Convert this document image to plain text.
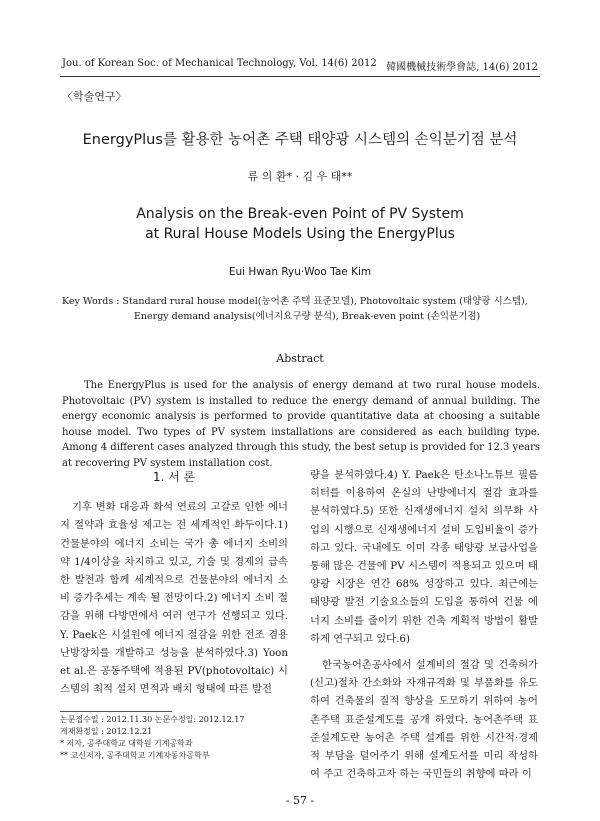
Jou. of Korean Soc. of Mechanical Technology, Vol. 14(6) 2012 韓國機械技術學會誌, 14(6) 2012
〈학술연구〉
EnergyPlus를 활용한 농어촌 주택 태양광 시스템의 손익분기점 분석
류 의 환* · 김 우 태**
Analysis on the Break-even Point of PV System
at Rural House Models Using the EnergyPlus
Eui Hwan Ryu·Woo Tae Kim
Key Words : Standard rural house model(농어촌 주택 표준모델), Photovoltaic system (태양광 시스템),
Energy demand analysis(에너지요구량 분석), Break-even point (손익분기점)
Abstract
The EnergyPlus is used for the analysis of energy demand at two rural house models. Photovoltaic (PV) system is installed to reduce the energy demand of annual building. The energy economic analysis is performed to provide quantitative data at choosing a suitable house model. Two types of PV system installations are considered as each building type. Among 4 different cases analyzed through this study, the best setup is provided for 12.3 years at recovering PV system installation cost.
1. 서 론

기후 변화 대응과 화석 연료의 고갈로 인한 에너지 절약과 효율성 제고는 전 세계적인 화두이다.1) 건물분야의 에너지 소비는 국가 총 에너지 소비의 약 1/4이상을 차지하고 있고, 기술 및 경제의 급속한 발전과 함께 세계적으로 건물분야의 에너지 소비 증가추세는 계속 될 전망이다.2) 에너지 소비 절감을 위해 다방면에서 여러 연구가 선행되고 있다. Y. Paek은 시설원에 에너지 절감을 위한 전조 겸용 난방장치를 개발하고 성능을 분석하였다.3) Yoon et al.은 공동주택에 적용된 PV(photovoltaic) 시스템의 최적 설치 면적과 배치 형태에 따른 발전

량을 분석하였다.4) Y. Paek은 탄소나노튜브 필름 히터를 이용하여 온실의 난방에너지 절감 효과를 분석하였다.5) 또한 신재생에너지 설치 의무화 사업의 시행으로 신재생에너지 설비 도입비율이 증가하고 있다. 국내에도 이미 각종 태양광 보급사업을 통해 많은 건물에 PV 시스템이 적용되고 있으며 태양광 시장은 연간 68% 성장하고 있다. 최근에는 태양광 발전 기술요소들의 도입을 통하여 건물 에너지 소비를 줄이기 위한 건축 계획적 방법이 활발하게 연구되고 있다.6)

한국농어촌공사에서 설계비의 절감 및 건축허가(신고)절차 간소화와 자재규격화 및 부품화를 유도하여 건축물의 질적 향상을 도모하기 위하여 농어촌주택 표준설계도를 공개 하였다. 농어촌주택 표준설계도란 농어촌 주택 설계를 위한 시간적·경제적 부담을 덜어주기 위해 설계도서를 미리 작성하여 주고 건축하고자 하는 국민들의 취향에 따라 이

논문접수일 : 2012.11.30 논문수정일: 2012.12.17
게재확정일 : 2012.12.21
* 저자, 공주대학교 대학원 기계공학과
** 교신저자, 공주대학교 기계자동차공학부
- 57 -
